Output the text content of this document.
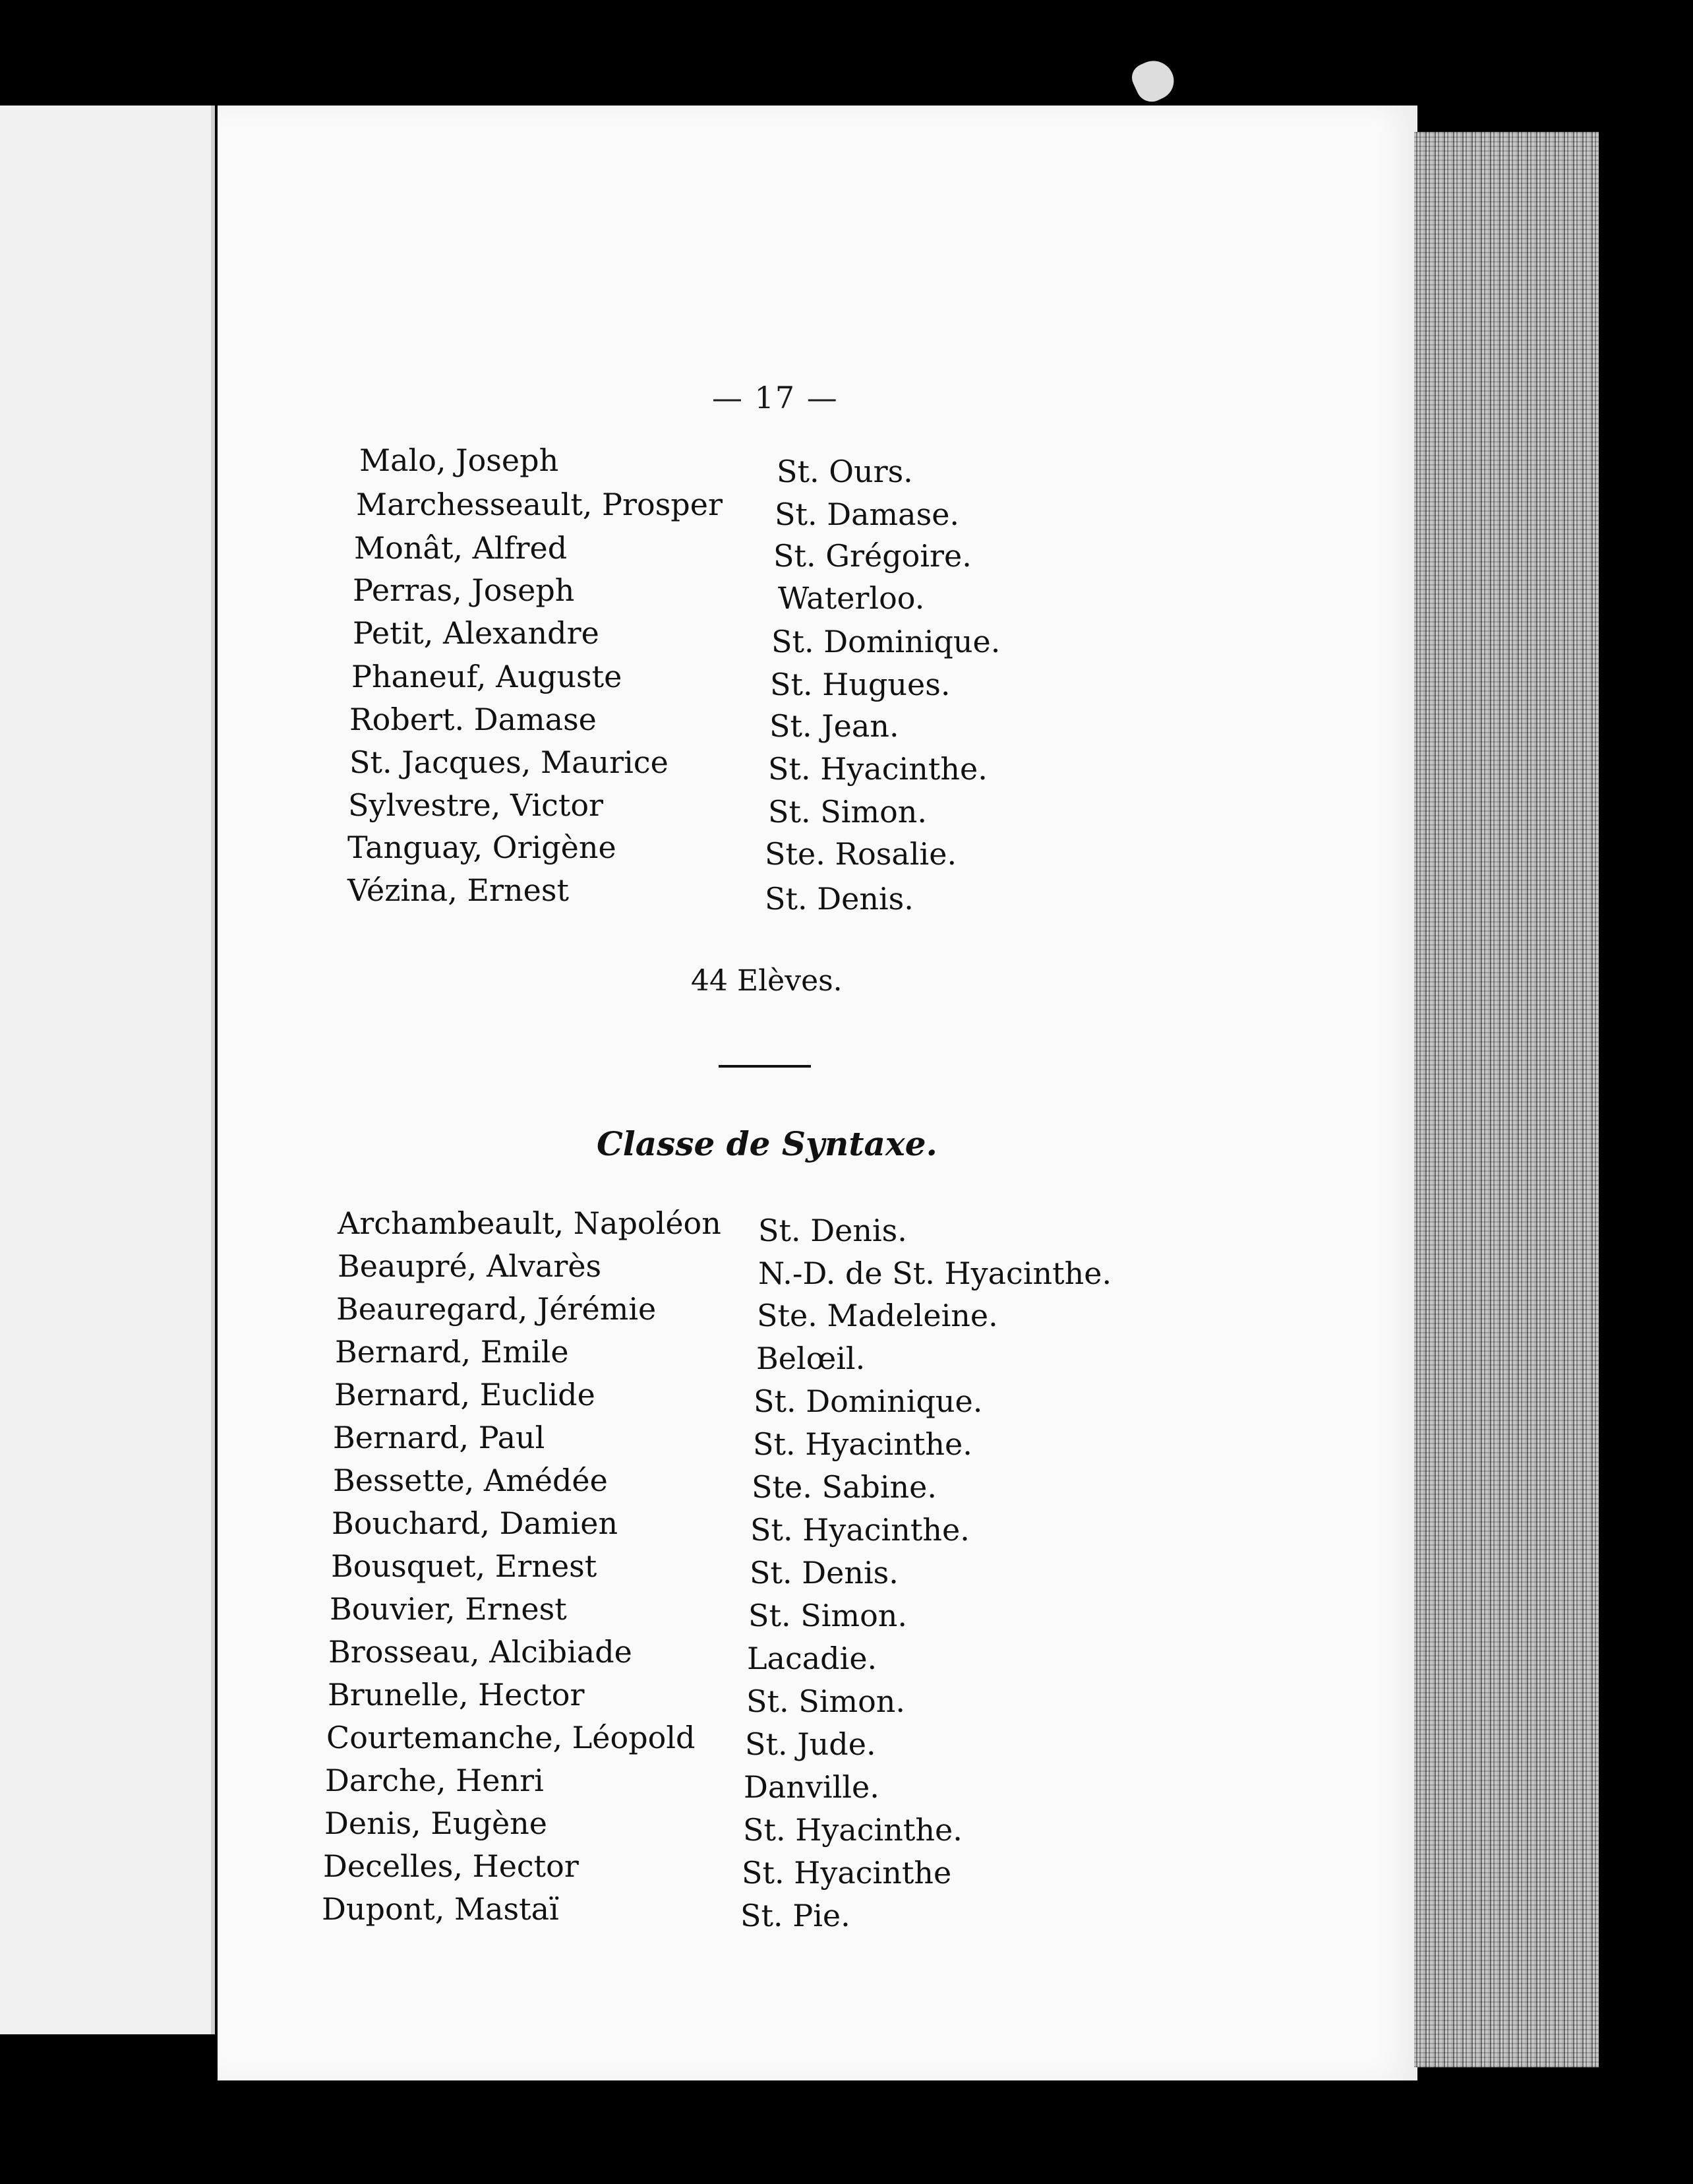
— 17 —
Malo, Joseph	St. Ours.
Marchesseault, Prosper St. Damase.
Monât, Alfred	St. Grégoire.
Perras, Joseph	Waterloo.
Petit, Alexandre	St. Dominique.
Phaneuf, Auguste	St. Hugues.
Robert. Damase	St. Jean.
St. Jacques, Maurice	St. Hyacinthe.
Sylvestre, Victor	St. Simon.
Tanguay, Origène	Ste. Rosalie.
Vézina, Ernest	St. Denis.
44 Elèves.
Classe de Syntaxe.
Archambeault, Napoléon St. Denis.
Beaupré, Alvarès	N.-D. de St. Hyacinthe.
Beauregard, Jérémie	Ste. Madeleine.
Bernard, Emile	Belœil.
Bernard, Euclide	St. Dominique.
Bernard, Paul	St. Hyacinthe.
Bessette, Amédée	Ste. Sabine.
Bouchard, Damien	St. Hyacinthe.
Bousquet, Ernest	St. Denis.
Bouvier, Ernest	St. Simon.
Brosseau, Alcibiade	Lacadie.
Brunelle, Hector	St. Simon.
Courtemanche, Léopold St. Jude.
Darche, Henri	Danville.
Denis, Eugène	St. Hyacinthe.
Decelles, Hector	St. Hyacinthe
Dupont, Mastaï	St. Pie.
